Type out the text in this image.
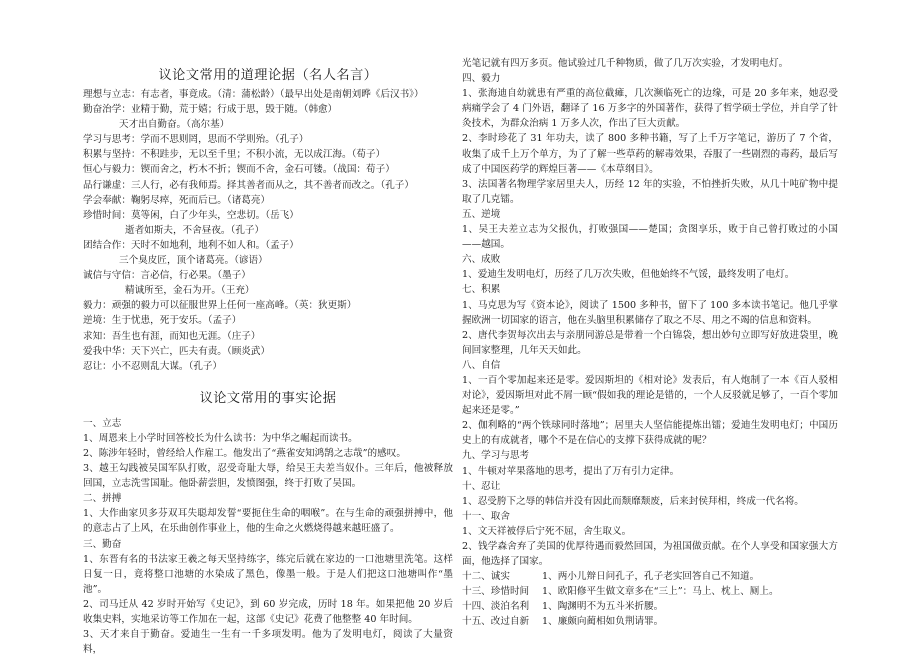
议论文常用的道理论据（名人名言）
理想与立志：有志者，事竟成。（清：蒲松龄）（最早出处是南朝刘晔《后汉书》）
勤奋治学：业精于勤，荒于嬉；行成于思，毁于随。（韩愈）
天才出自勤奋。（高尔基）
学习与思考：学而不思则罔，思而不学则殆。（孔子）
积累与坚持：不积跬步，无以至千里；不积小流，无以成江海。（荀子）
恒心与毅力：锲而舍之，朽木不折；锲而不舍，金石可镂。（战国：荀子）
品行谦虚：三人行，必有我师焉。择其善者而从之，其不善者而改之。（孔子）
学会奉献：鞠躬尽瘁，死而后已。（诸葛亮）
珍惜时间：莫等闲，白了少年头，空悲切。（岳飞）
逝者如斯夫，不舍昼夜。（孔子）
团结合作：天时不如地利，地利不如人和。（孟子）
三个臭皮匠，顶个诸葛亮。（谚语）
诚信与守信：言必信，行必果。（墨子）
精诚所至，金石为开。（王充）
毅力：顽强的毅力可以征服世界上任何一座高峰。（英：狄更斯）
逆境：生于忧患，死于安乐。（孟子）
求知：吾生也有涯，而知也无涯。（庄子）
爱我中华：天下兴亡，匹夫有责。（顾炎武）
忍让：小不忍则乱大谋。（孔子）
议论文常用的事实论据
一、立志
1、周恩来上小学时回答校长为什么读书：为中华之崛起而读书。
2、陈涉年轻时，曾经给人作雇工。他发出了“燕雀安知鸿鹄之志哉”的感叹。
3、越王勾践被吴国军队打败，忍受奇耻大辱，给吴王夫差当奴仆。三年后，他被释放回国，立志洗雪国耻。他卧薪尝胆，发愤图强，终于打败了吴国。
二、拼搏
1、大作曲家贝多芬双耳失聪却发誓“要扼住生命的咽喉”。在与生命的顽强拼搏中，他的意志占了上风，在乐曲创作事业上，他的生命之火燃烧得越来越旺盛了。
三、勤奋
1、东晋有名的书法家王羲之每天坚持练字，练完后就在家边的一口池塘里洗笔。这样日复一日，竟将整口池塘的水染成了黑色，像墨一般。于是人们把这口池塘叫作“墨池”。
2、司马迁从 42 岁时开始写《史记》，到 60 岁完成，历时 18 年。如果把他 20 岁后收集史料，实地采访等工作加在一起，这部《史记》花费了他整整 40 年时间。
3、天才来自于勤奋。爱迪生一生有一千多项发明。他为了发明电灯，阅读了大量资料，
光笔记就有四万多页。他试验过几千种物质，做了几万次实验，才发明电灯。
四、毅力
1、张海迪自幼就患有严重的高位截瘫，几次濒临死亡的边缘，可是 20 多年来，她忍受病痛学会了 4 门外语，翻译了 16 万多字的外国著作，获得了哲学硕士学位，并自学了针灸技术，为群众治病 1 万多人次，作出了巨大贡献。
2、李时珍花了 31 年功夫，读了 800 多种书籍，写了上千万字笔记，游历了 7 个省，收集了成千上万个单方，为了了解一些草药的解毒效果，吞服了一些剧烈的毒药，最后写成了中国医药学的辉煌巨著——《本草纲目》。
3、法国著名物理学家居里夫人，历经 12 年的实验，不怕挫折失败，从几十吨矿物中提取了几克镭。
五、逆境
1、吴王夫差立志为父报仇，打败强国——楚国；贪图享乐，败于自己曾打败过的小国——越国。
六、成败
1、爱迪生发明电灯，历经了几万次失败，但他始终不气馁，最终发明了电灯。
七、积累
1、马克思为写《资本论》，阅读了 1500 多种书，留下了 100 多本读书笔记。他几乎掌握欧洲一切国家的语言，他在头脑里积累储存了取之不尽、用之不竭的信息和资料。
2、唐代李贺每次出去与亲朋同游总是带着一个白锦袋，想出妙句立即写好放进袋里，晚间回家整理，几年天天如此。
八、自信
1、一百个零加起来还是零。爱因斯坦的《相对论》发表后，有人炮制了一本《百人驳相对论》，爱因斯坦对此不屑一顾“假如我的理论是错的，一个人反驳就足够了，一百个零加起来还是零。”
2、伽利略的“两个铁球同时落地”；居里夫人坚信能提炼出镭；爱迪生发明电灯；中国历史上的有成就者，哪个不是在信心的支撑下获得成就的呢？
九、学习与思考
1、牛顿对苹果落地的思考，提出了万有引力定律。
十、忍让
1、忍受胯下之辱的韩信并没有因此而颓靡颓废，后来封侯拜相，终成一代名将。
十一、取舍
1、文天祥被俘后宁死不屈，舍生取义。
2、钱学森舍弃了美国的优厚待遇而毅然回国，为祖国做贡献。在个人享受和国家强大方面，他选择了国家。
十二、诚实	1、两小儿辩日问孔子，孔子老实回答自己不知道。
十三、珍惜时间	1、欧阳修平生做文章多在“三上”：马上、枕上、厕上。
十四、淡泊名利	1、陶渊明不为五斗米折腰。
十五、改过自新	1、廉颇向蔺相如负荆请罪。
